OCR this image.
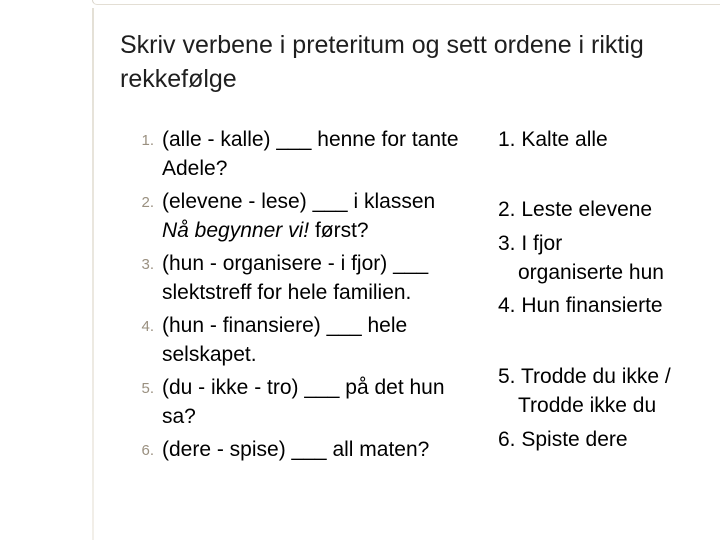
Skriv verbene i preteritum og sett ordene i riktig rekkefølge
1. (alle - kalle) ___ henne for tante Adele?
2. (elevene - lese) ___ i klassen Nå begynner vi! først?
3. (hun - organisere - i fjor) ___ slektstreff for hele familien.
4. (hun - finansiere) ___ hele selskapet.
5. (du - ikke - tro) ___ på det hun sa?
6. (dere - spise) ___ all maten?
1. Kalte alle
2. Leste elevene
3. I fjor
organiserte hun
4. Hun finansierte
5. Trodde du ikke /
Trodde ikke du
6. Spiste dere
